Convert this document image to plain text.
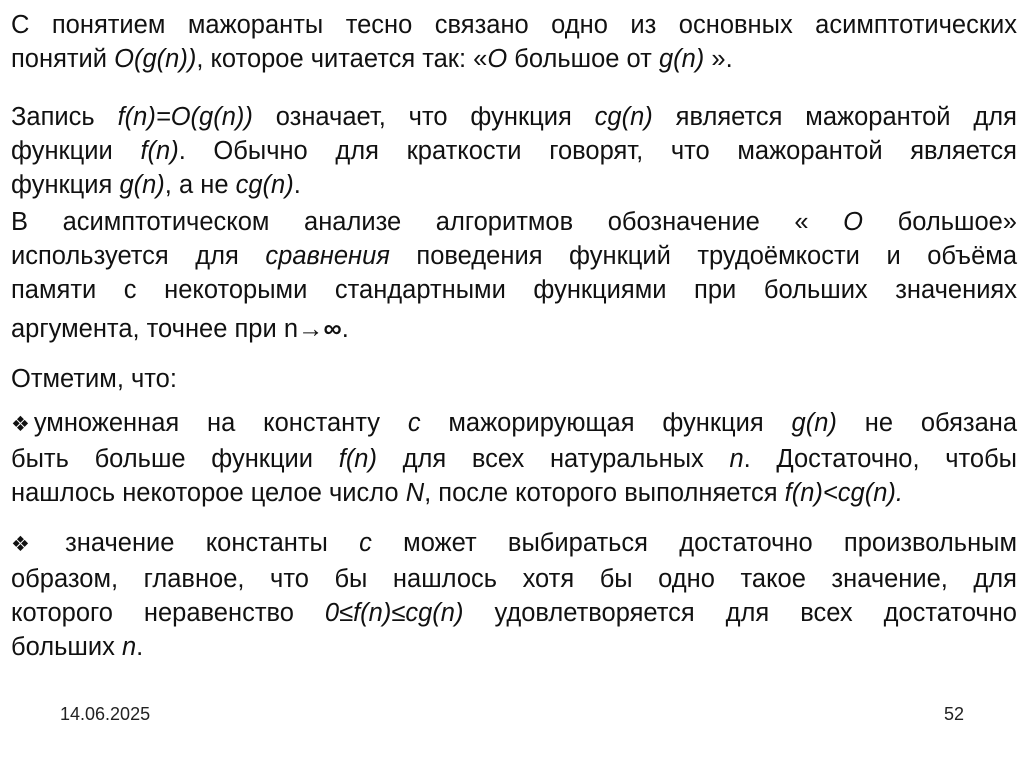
С понятием мажоранты тесно связано одно из основных асимптотических
понятий O(g(n)), которое читается так: «O большое от g(n) ».
Запись f(n)=O(g(n)) означает, что функция cg(n) является мажорантой для
функции f(n). Обычно для краткости говорят, что мажорантой является
функция g(n), а не cg(n).
В асимптотическом анализе алгоритмов обозначение « O большое»
используется для сравнения поведения функций трудоёмкости и объёма
памяти с некоторыми стандартными функциями при больших значениях
аргумента, точнее при n→∞.
Отметим, что:
❖ умноженная на константу c мажорирующая функция g(n) не обязана
быть больше функции f(n) для всех натуральных n. Достаточно, чтобы
нашлось некоторое целое число N, после которого выполняется f(n)<cg(n).
❖ значение константы c может выбираться достаточно произвольным
образом, главное, что бы нашлось хотя бы одно такое значение, для
которого неравенство 0≤f(n)≤cg(n) удовлетворяется для всех достаточно
больших n.
14.06.2025	52
